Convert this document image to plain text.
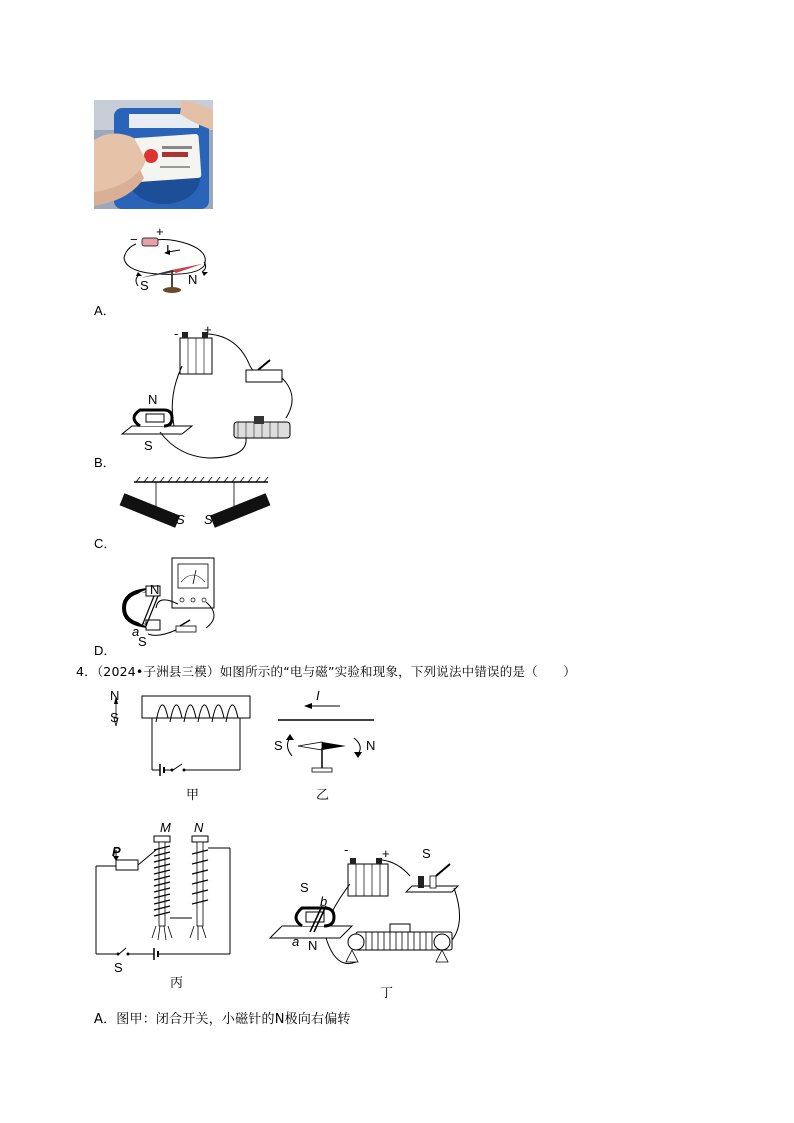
−
+
I
S	N
A．
- +
N
S
B．
S S
C．
N
a
S
D．
4．（2024•子洲县三模）如图所示的“电与磁”实验和现象，下列说法中错误的是（　　）
N
S
甲
I
S	N
乙
M N
P
S
丙
-	+ S
S
b
a N
丁
A．图甲：闭合开关，小磁针的N极向右偏转
